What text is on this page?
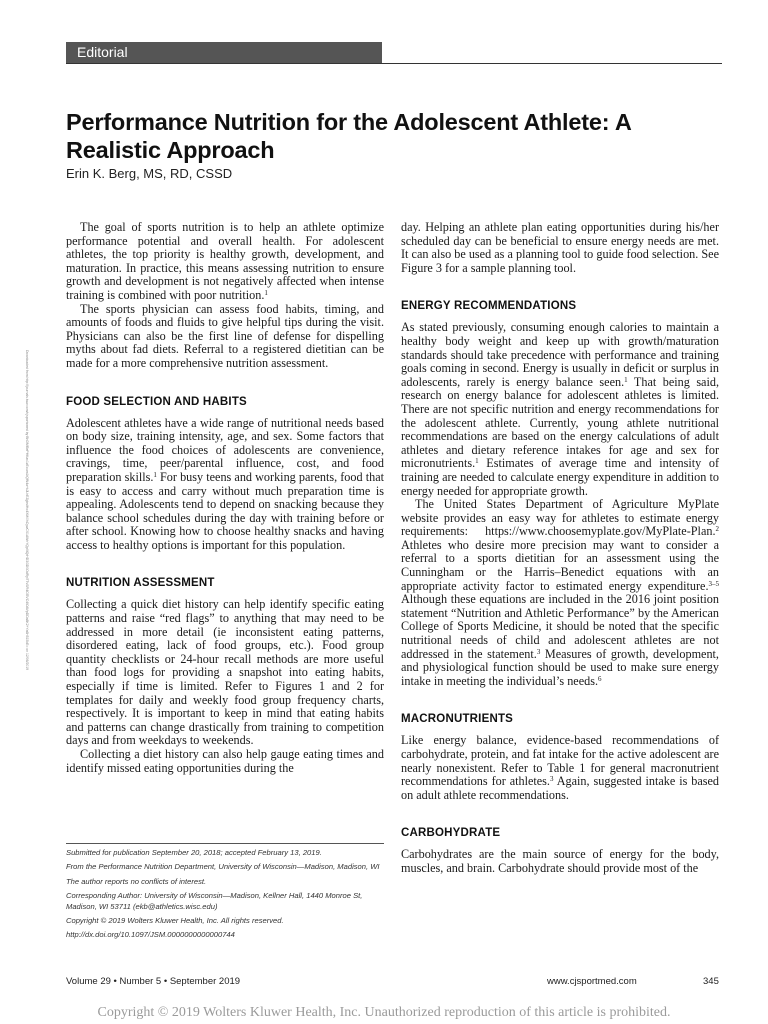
Editorial
Performance Nutrition for the Adolescent Athlete: A Realistic Approach
Erin K. Berg, MS, RD, CSSD
Downloaded from http://journals.lww.com/cjsportsmed by BhDMf5ePHKav1zEoum1tQfN4a+kJLhEZgbsIHo4XMi0hCywCX1AWnYQp/IlQrHD3i3D0OdRyi7TvSFl4Cf3VC4/OAVpDDa8K2+Ya6H515kE= on 12/06/2019

The goal of sports nutrition is to help an athlete optimize performance potential and overall health. For adolescent athletes, the top priority is healthy growth, development, and maturation. In practice, this means assessing nutrition to ensure growth and development is not negatively affected when intense training is combined with poor nutrition.$^1$

The sports physician can assess food habits, timing, and amounts of foods and fluids to give helpful tips during the visit. Physicians can also be the first line of defense for dispelling myths about fad diets. Referral to a registered dietitian can be made for a more comprehensive nutrition assessment.

FOOD SELECTION AND HABITS

Adolescent athletes have a wide range of nutritional needs based on body size, training intensity, age, and sex. Some factors that influence the food choices of adolescents are convenience, cravings, time, peer/parental influence, cost, and food preparation skills.$^1$ For busy teens and working parents, food that is easy to access and carry without much preparation time is appealing. Adolescents tend to depend on snacking because they balance school schedules during the day with training before or after school. Knowing how to choose healthy snacks and having access to healthy options is important for this population.

NUTRITION ASSESSMENT

Collecting a quick diet history can help identify specific eating patterns and raise “red flags” to anything that may need to be addressed in more detail (ie inconsistent eating patterns, disordered eating, lack of food groups, etc.). Food group quantity checklists or 24-hour recall methods are more useful than food logs for providing a snapshot into eating habits, especially if time is limited. Refer to Figures 1 and 2 for templates for daily and weekly food group frequency charts, respectively. It is important to keep in mind that eating habits and patterns can change drastically from training to competition days and from weekdays to weekends.

Collecting a diet history can also help gauge eating times and identify missed eating opportunities during the

day. Helping an athlete plan eating opportunities during his/her scheduled day can be beneficial to ensure energy needs are met. It can also be used as a planning tool to guide food selection. See Figure 3 for a sample planning tool.

ENERGY RECOMMENDATIONS

As stated previously, consuming enough calories to maintain a healthy body weight and keep up with growth/maturation standards should take precedence with performance and training goals coming in second. Energy is usually in deficit or surplus in adolescents, rarely is energy balance seen.$^1$ That being said, research on energy balance for adolescent athletes is limited. There are not specific nutrition and energy recommendations for the adolescent athlete. Currently, young athlete nutritional recommendations are based on the energy calculations of adult athletes and dietary reference intakes for age and sex for micronutrients.$^1$ Estimates of average time and intensity of training are needed to calculate energy expenditure in addition to energy needed for appropriate growth.

The United States Department of Agriculture MyPlate website provides an easy way for athletes to estimate energy requirements: https://www.choosemyplate.gov/MyPlate-Plan.$^2$ Athletes who desire more precision may want to consider a referral to a sports dietitian for an assessment using the Cunningham or the Harris–Benedict equations with an appropriate activity factor to estimated energy expenditure.$^{3-5}$ Although these equations are included in the 2016 joint position statement “Nutrition and Athletic Performance” by the American College of Sports Medicine, it should be noted that the specific nutritional needs of child and adolescent athletes are not addressed in the statement.$^3$ Measures of growth, development, and physiological function should be used to make sure energy intake in meeting the individual’s needs.$^6$

MACRONUTRIENTS

Like energy balance, evidence-based recommendations of carbohydrate, protein, and fat intake for the active adolescent are nearly nonexistent. Refer to Table 1 for general macronutrient recommendations for athletes.$^3$ Again, suggested intake is based on adult athlete recommendations.

CARBOHYDRATE

Carbohydrates are the main source of energy for the body, muscles, and brain. Carbohydrate should provide most of the

Submitted for publication September 20, 2018; accepted February 13, 2019.

From the Performance Nutrition Department, University of Wisconsin—Madison, Madison, WI

The author reports no conflicts of interest.

Corresponding Author: University of Wisconsin—Madison, Kellner Hall, 1440 Monroe St, Madison, WI 53711 (ekb@athletics.wisc.edu)

Copyright © 2019 Wolters Kluwer Health, Inc. All rights reserved.

http://dx.doi.org/10.1097/JSM.0000000000000744

Volume 29 • Number 5 • September 2019	www.cjsportmed.com	345
Copyright © 2019 Wolters Kluwer Health, Inc. Unauthorized reproduction of this article is prohibited.
